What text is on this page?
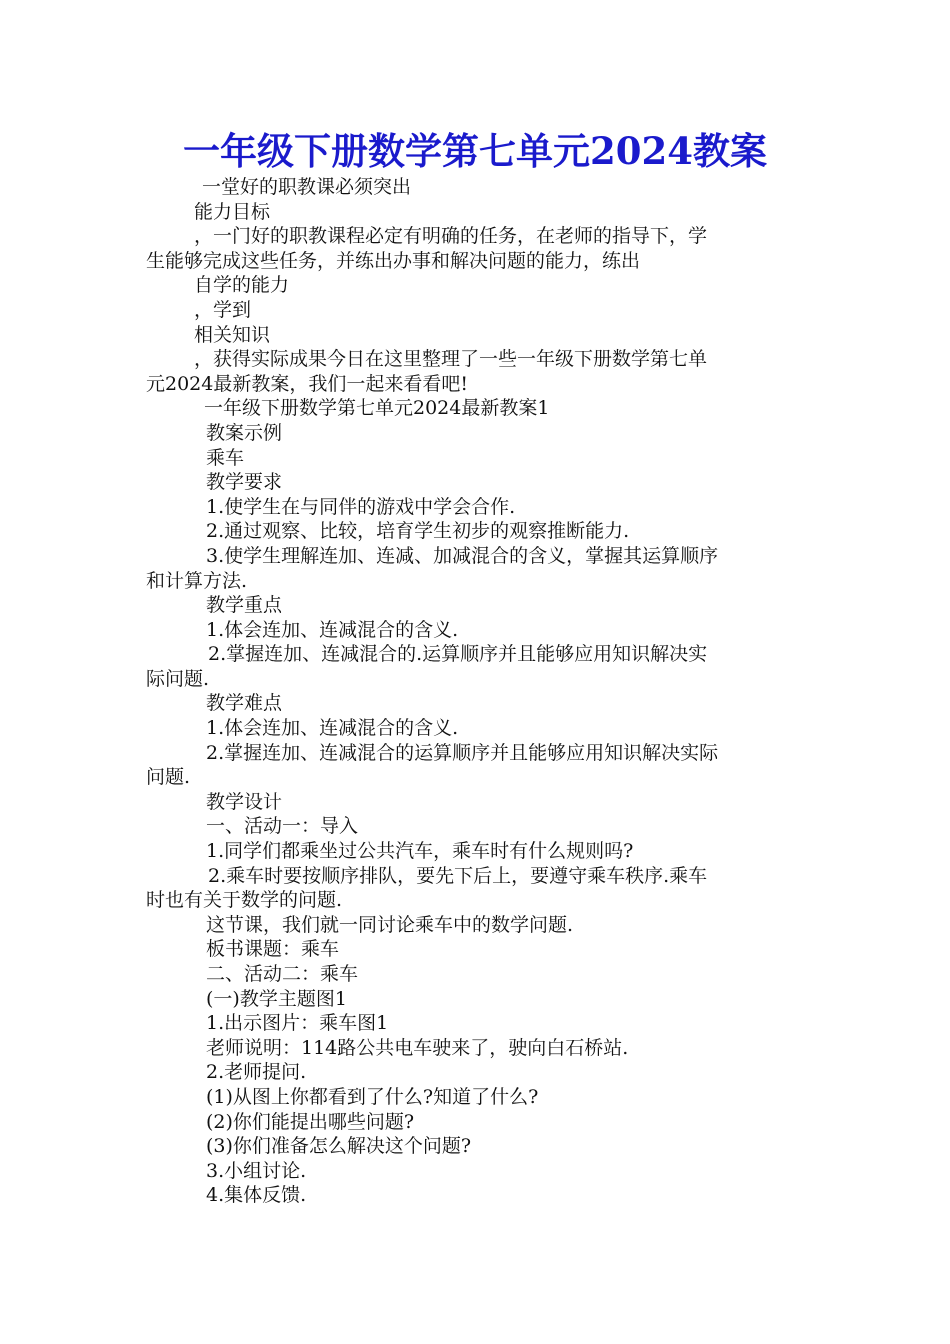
一年级下册数学第七单元2024教案

一堂好的职教课必须突出

能力目标

，一门好的职教课程必定有明确的任务，在老师的指导下，学

生能够完成这些任务，并练出办事和解决问题的能力，练出

自学的能力

，学到

相关知识

，获得实际成果今日在这里整理了一些一年级下册数学第七单

元2024最新教案，我们一起来看看吧!

一年级下册数学第七单元2024最新教案1

教案示例

乘车

教学要求

1.使学生在与同伴的游戏中学会合作.

2.通过观察、比较，培育学生初步的观察推断能力.

3.使学生理解连加、连减、加减混合的含义，掌握其运算顺序

和计算方法.

教学重点

1.体会连加、连减混合的含义.

2.掌握连加、连减混合的.运算顺序并且能够应用知识解决实

际问题.

教学难点

1.体会连加、连减混合的含义.

2.掌握连加、连减混合的运算顺序并且能够应用知识解决实际

问题.

教学设计

一、活动一：导入

1.同学们都乘坐过公共汽车，乘车时有什么规则吗?

2.乘车时要按顺序排队，要先下后上，要遵守乘车秩序.乘车

时也有关于数学的问题.

这节课，我们就一同讨论乘车中的数学问题.

板书课题：乘车

二、活动二：乘车

(一)教学主题图1

1.出示图片：乘车图1

老师说明：114路公共电车驶来了，驶向白石桥站.

2.老师提问.

(1)从图上你都看到了什么?知道了什么?

(2)你们能提出哪些问题?

(3)你们准备怎么解决这个问题?

3.小组讨论.

4.集体反馈.
